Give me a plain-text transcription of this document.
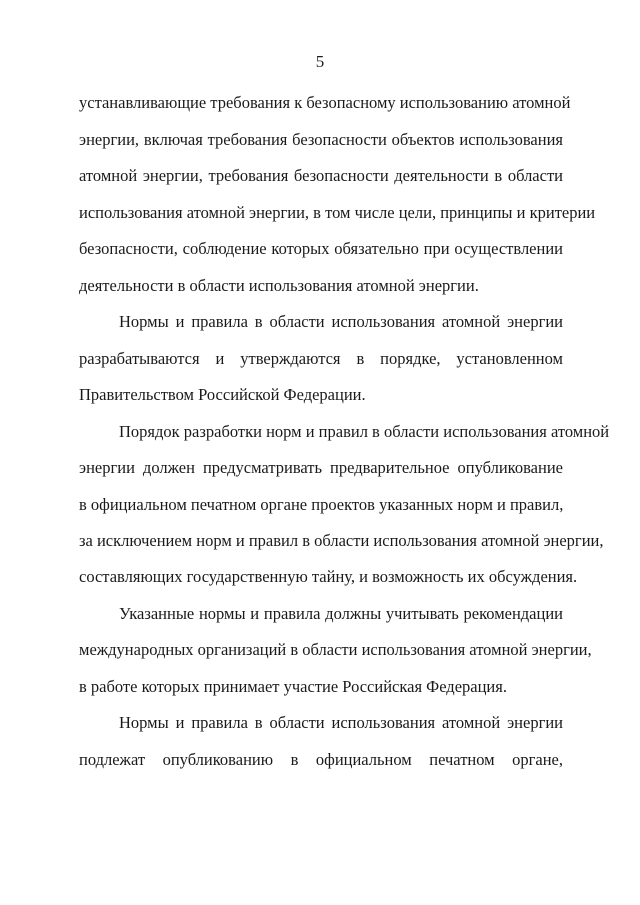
5
устанавливающие требования к безопасному использованию атомной
энергии, включая требования безопасности объектов использования
атомной энергии, требования безопасности деятельности в области
использования атомной энергии, в том числе цели, принципы и критерии
безопасности, соблюдение которых обязательно при осуществлении
деятельности в области использования атомной энергии.
Нормы и правила в области использования атомной энергии
разрабатываются и утверждаются в порядке, установленном
Правительством Российской Федерации.
Порядок разработки норм и правил в области использования атомной
энергии должен предусматривать предварительное опубликование
в официальном печатном органе проектов указанных норм и правил,
за исключением норм и правил в области использования атомной энергии,
составляющих государственную тайну, и возможность их обсуждения.
Указанные нормы и правила должны учитывать рекомендации
международных организаций в области использования атомной энергии,
в работе которых принимает участие Российская Федерация.
Нормы и правила в области использования атомной энергии
подлежат опубликованию в официальном печатном органе,
